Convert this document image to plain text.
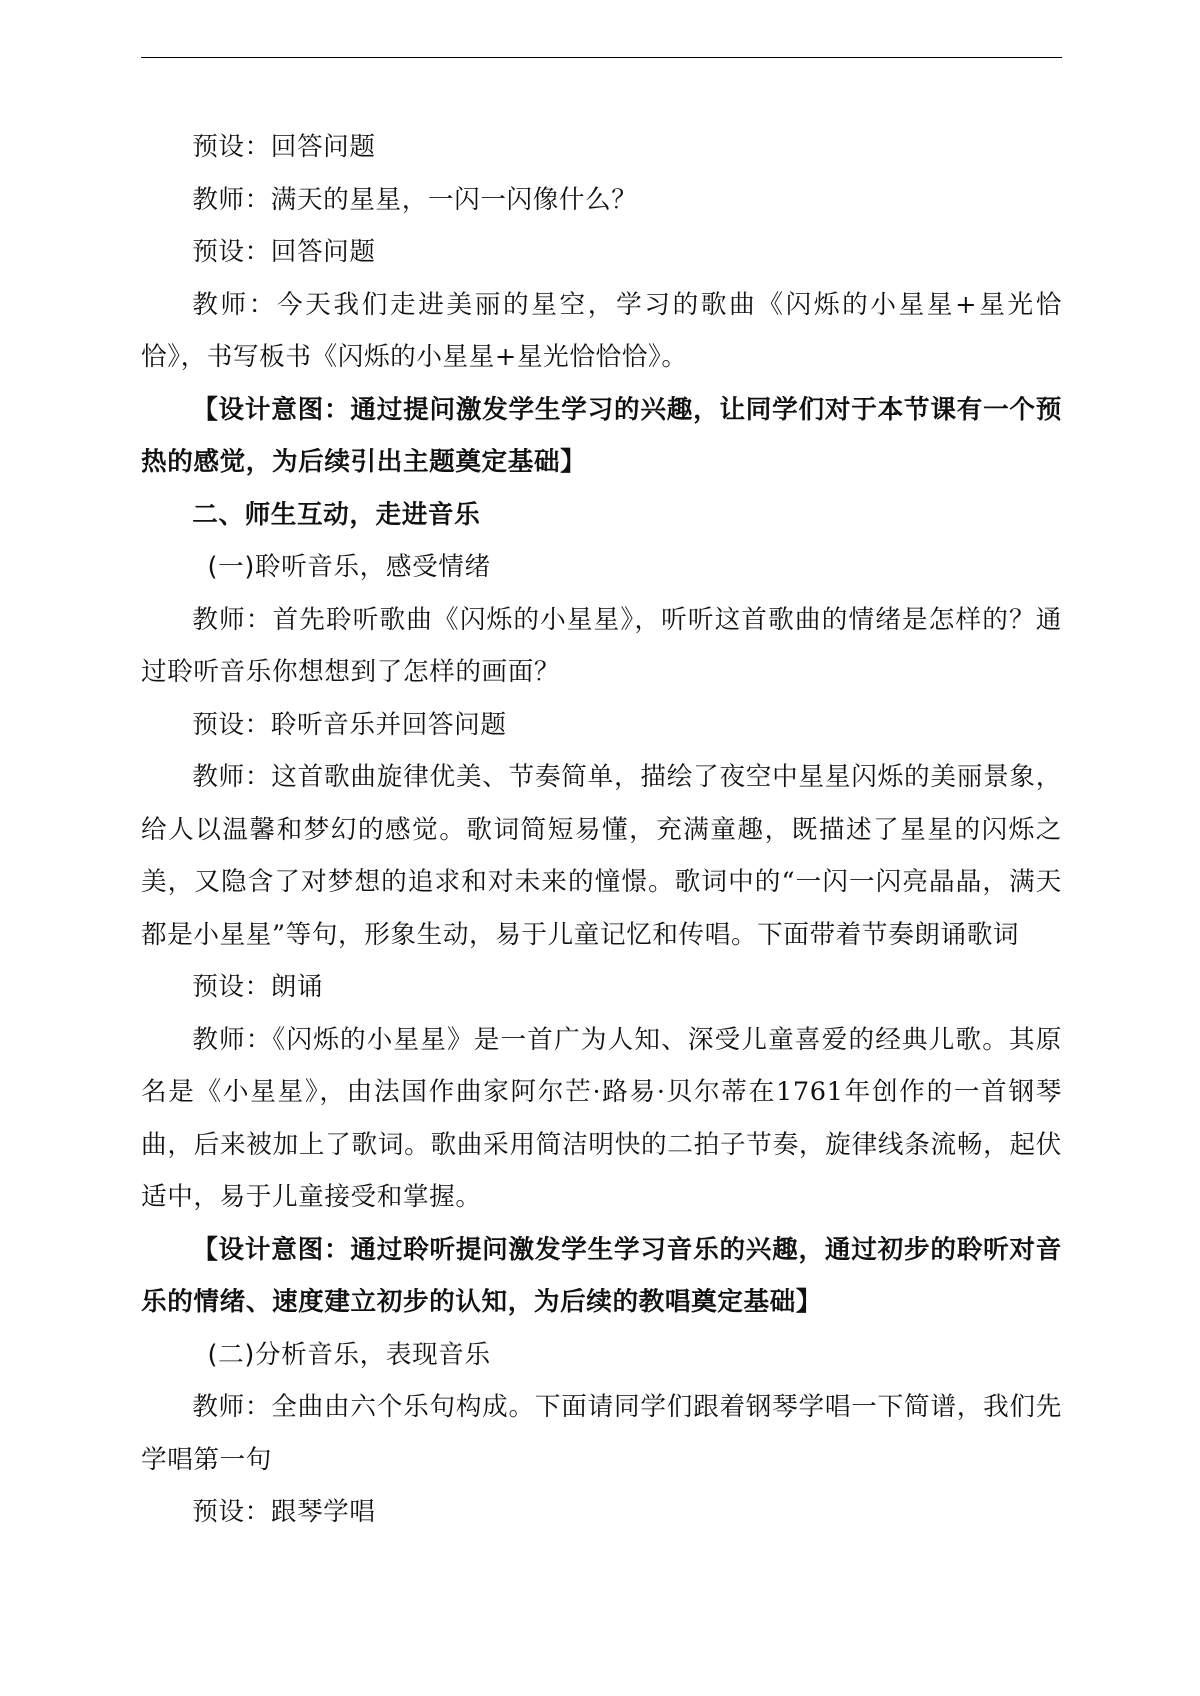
预设：回答问题

教师：满天的星星，一闪一闪像什么？

预设：回答问题

教师：今天我们走进美丽的星空，学习的歌曲《闪烁的小星星+星光恰恰》，书写板书《闪烁的小星星+星光恰恰恰》。

【设计意图：通过提问激发学生学习的兴趣，让同学们对于本节课有一个预热的感觉，为后续引出主题奠定基础】

二、师生互动，走进音乐

(一)聆听音乐，感受情绪

教师：首先聆听歌曲《闪烁的小星星》，听听这首歌曲的情绪是怎样的？通过聆听音乐你想想到了怎样的画面？

预设：聆听音乐并回答问题

教师：这首歌曲旋律优美、节奏简单，描绘了夜空中星星闪烁的美丽景象，给人以温馨和梦幻的感觉。歌词简短易懂，充满童趣，既描述了星星的闪烁之美，又隐含了对梦想的追求和对未来的憧憬。歌词中的“一闪一闪亮晶晶，满天都是小星星”等句，形象生动，易于儿童记忆和传唱。下面带着节奏朗诵歌词

预设：朗诵

教师：《闪烁的小星星》是一首广为人知、深受儿童喜爱的经典儿歌。其原名是《小星星》，由法国作曲家阿尔芒·路易·贝尔蒂在1761年创作的一首钢琴曲，后来被加上了歌词。歌曲采用简洁明快的二拍子节奏，旋律线条流畅，起伏适中，易于儿童接受和掌握。

【设计意图：通过聆听提问激发学生学习音乐的兴趣，通过初步的聆听对音乐的情绪、速度建立初步的认知，为后续的教唱奠定基础】

(二)分析音乐，表现音乐

教师：全曲由六个乐句构成。下面请同学们跟着钢琴学唱一下简谱，我们先学唱第一句

预设：跟琴学唱
